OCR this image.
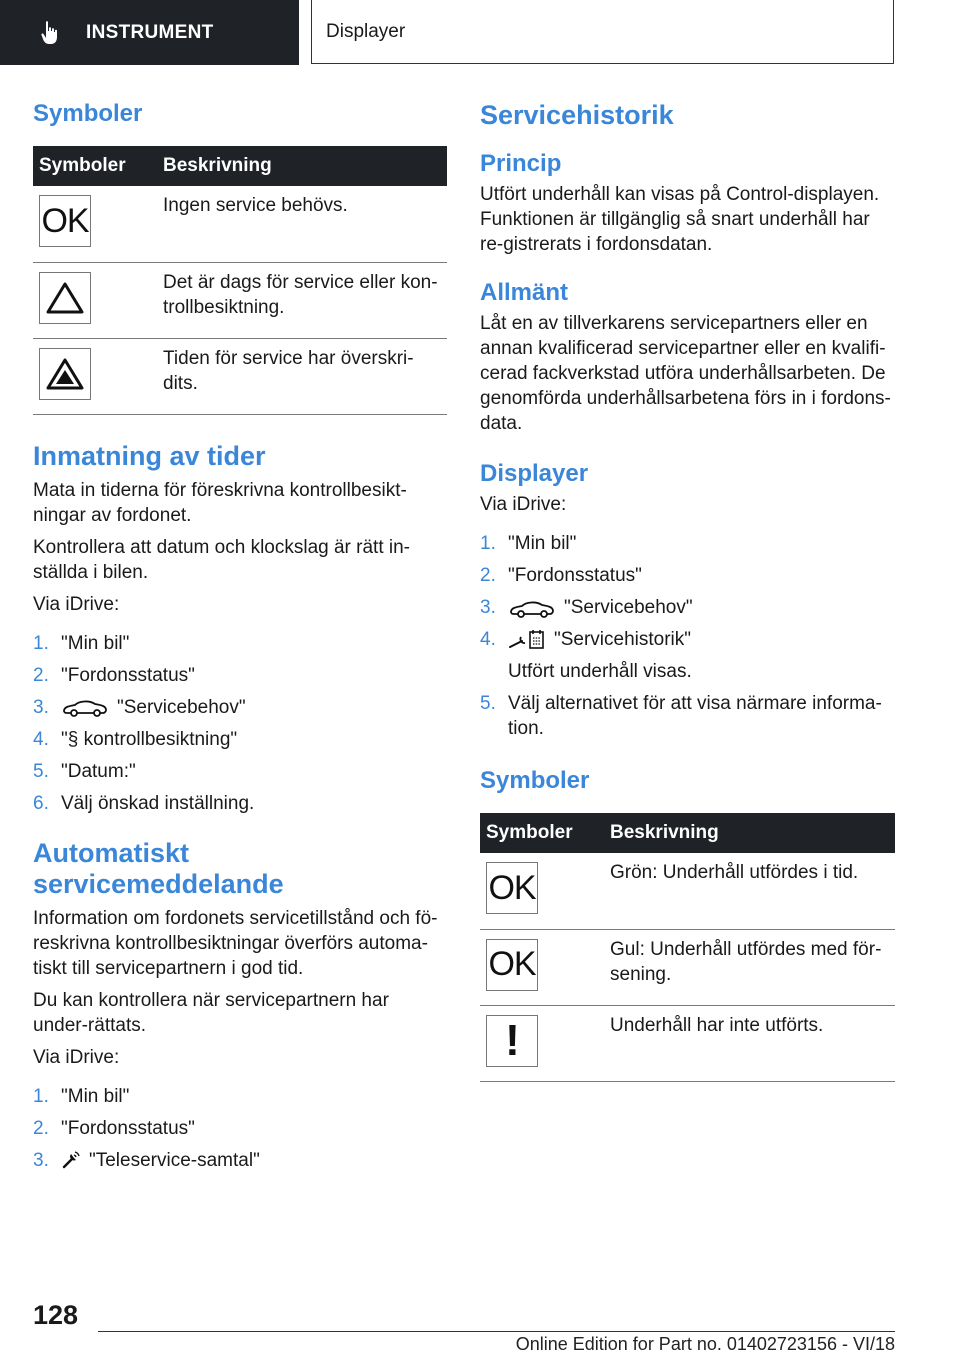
INSTRUMENT	Displayer
Symboler
Symboler	Beskrivning

OK	Ingen service behövs.

	Det är dags för service eller kon-trollbesiktning.

	Tiden för service har överskri-dits.
Inmatning av tider

Mata in tiderna för föreskrivna kontrollbesikt-ningar av fordonet.

Kontrollera att datum och klockslag är rätt in-ställda i bilen.

Via iDrive:

1. "Min bil"
2. "Fordonsstatus"
3.	"Servicebehov"
4. "§ kontrollbesiktning"
5. "Datum:"
6. Välj önskad inställning.
Automatiskt servicemeddelande

Information om fordonets servicetillstånd och fö-reskrivna kontrollbesiktningar överförs automa-tiskt till servicepartnern i god tid.

Du kan kontrollera när servicepartnern har under-rättats.

Via iDrive:

1. "Min bil"
2. "Fordonsstatus"
3.	"Teleservice-samtal"
Servicehistorik
Princip

Utfört underhåll kan visas på Control-displayen. Funktionen är tillgänglig så snart underhåll har re-gistrerats i fordonsdatan.

Allmänt

Låt en av tillverkarens servicepartners eller en annan kvalificerad servicepartner eller en kvalifi-cerad fackverkstad utföra underhållsarbeten. De genomförda underhållsarbetena förs in i fordons-data.

Displayer

Via iDrive:

1. "Min bil"
2. "Fordonsstatus"
3.	"Servicebehov"
4.	"Servicehistorik"
Utfört underhåll visas.
5. Välj alternativet för att visa närmare informa-tion.
Symboler
Symboler	Beskrivning

OK	Grön: Underhåll utfördes i tid.

OK	Gul: Underhåll utfördes med för-sening.

!	Underhåll har inte utförts.
128
Online Edition for Part no. 01402723156 - VI/18
